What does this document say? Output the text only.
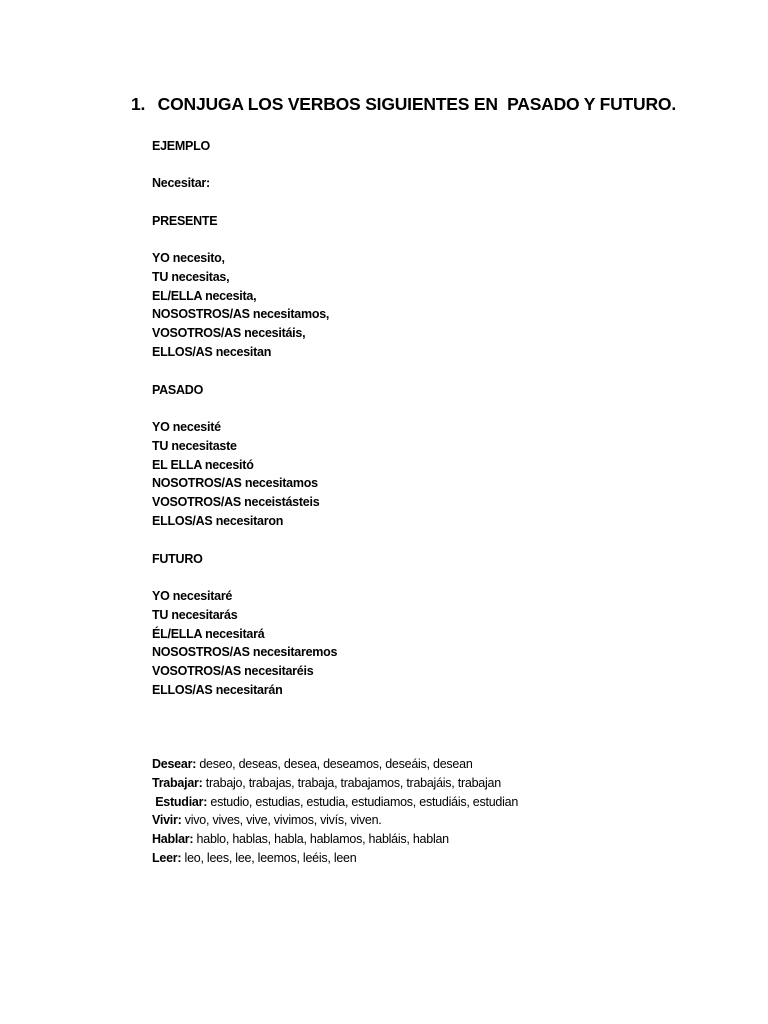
1. CONJUGA LOS VERBOS SIGUIENTES EN  PASADO Y FUTURO.
EJEMPLO
Necesitar:
PRESENTE
YO necesito,
TU necesitas,
EL/ELLA necesita,
NOSOSTROS/AS necesitamos,
VOSOTROS/AS necesitáis,
ELLOS/AS necesitan
PASADO
YO necesité
TU necesitaste
EL ELLA necesitó
NOSOTROS/AS necesitamos
VOSOTROS/AS neceistásteis
ELLOS/AS necesitaron
FUTURO
YO necesitaré
TU necesitarás
ÉL/ELLA necesitará
NOSOSTROS/AS necesitaremos
VOSOTROS/AS necesitaréis
ELLOS/AS necesitarán
Desear: deseo, deseas, desea, deseamos, deseáis, desean
Trabajar: trabajo, trabajas, trabaja, trabajamos, trabajáis, trabajan
Estudiar: estudio, estudias, estudia, estudiamos, estudiáis, estudian
Vivir: vivo, vives, vive, vivimos, vivís, viven.
Hablar: hablo, hablas, habla, hablamos, habláis, hablan
Leer: leo, lees, lee, leemos, leéis, leen
